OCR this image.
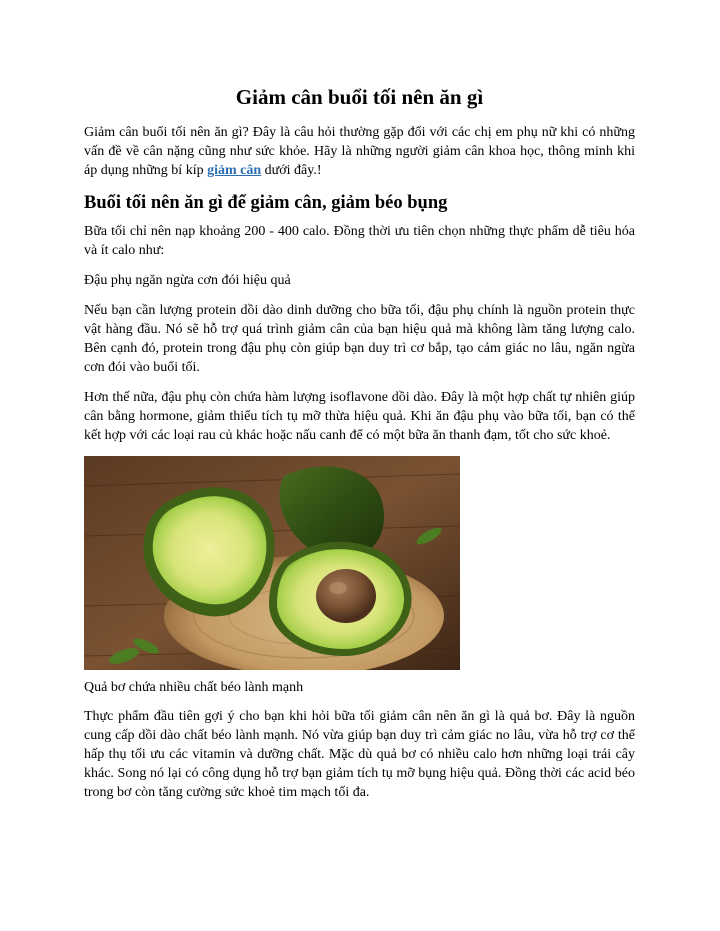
Giảm cân buổi tối nên ăn gì

Giảm cân buổi tối nên ăn gì? Đây là câu hỏi thường gặp đối với các chị em phụ nữ khi có những vấn đề về cân nặng cũng như sức khỏe. Hãy là những người giảm cân khoa học, thông minh khi áp dụng những bí kíp giảm cân dưới đây.!

Buổi tối nên ăn gì để giảm cân, giảm béo bụng

Bữa tối chỉ nên nạp khoảng 200 - 400 calo. Đồng thời ưu tiên chọn những thực phẩm dễ tiêu hóa và ít calo như:

Đậu phụ ngăn ngừa cơn đói hiệu quả

Nếu bạn cần lượng protein dồi dào dinh dưỡng cho bữa tối, đậu phụ chính là nguồn protein thực vật hàng đầu. Nó sẽ hỗ trợ quá trình giảm cân của bạn hiệu quả mà không làm tăng lượng calo. Bên cạnh đó, protein trong đậu phụ còn giúp bạn duy trì cơ bắp, tạo cảm giác no lâu, ngăn ngừa cơn đói vào buổi tối.

Hơn thế nữa, đậu phụ còn chứa hàm lượng isoflavone dồi dào. Đây là một hợp chất tự nhiên giúp cân bằng hormone, giảm thiểu tích tụ mỡ thừa hiệu quả. Khi ăn đậu phụ vào bữa tối, bạn có thể kết hợp với các loại rau củ khác hoặc nấu canh để có một bữa ăn thanh đạm, tốt cho sức khoẻ.

Quả bơ chứa nhiều chất béo lành mạnh

Thực phẩm đầu tiên gợi ý cho bạn khi hỏi bữa tối giảm cân nên ăn gì là quả bơ. Đây là nguồn cung cấp dồi dào chất béo lành mạnh. Nó vừa giúp bạn duy trì cảm giác no lâu, vừa hỗ trợ cơ thể hấp thụ tối ưu các vitamin và dưỡng chất. Mặc dù quả bơ có nhiều calo hơn những loại trái cây khác. Song nó lại có công dụng hỗ trợ bạn giảm tích tụ mỡ bụng hiệu quả. Đồng thời các acid béo trong bơ còn tăng cường sức khoẻ tim mạch tối đa.
